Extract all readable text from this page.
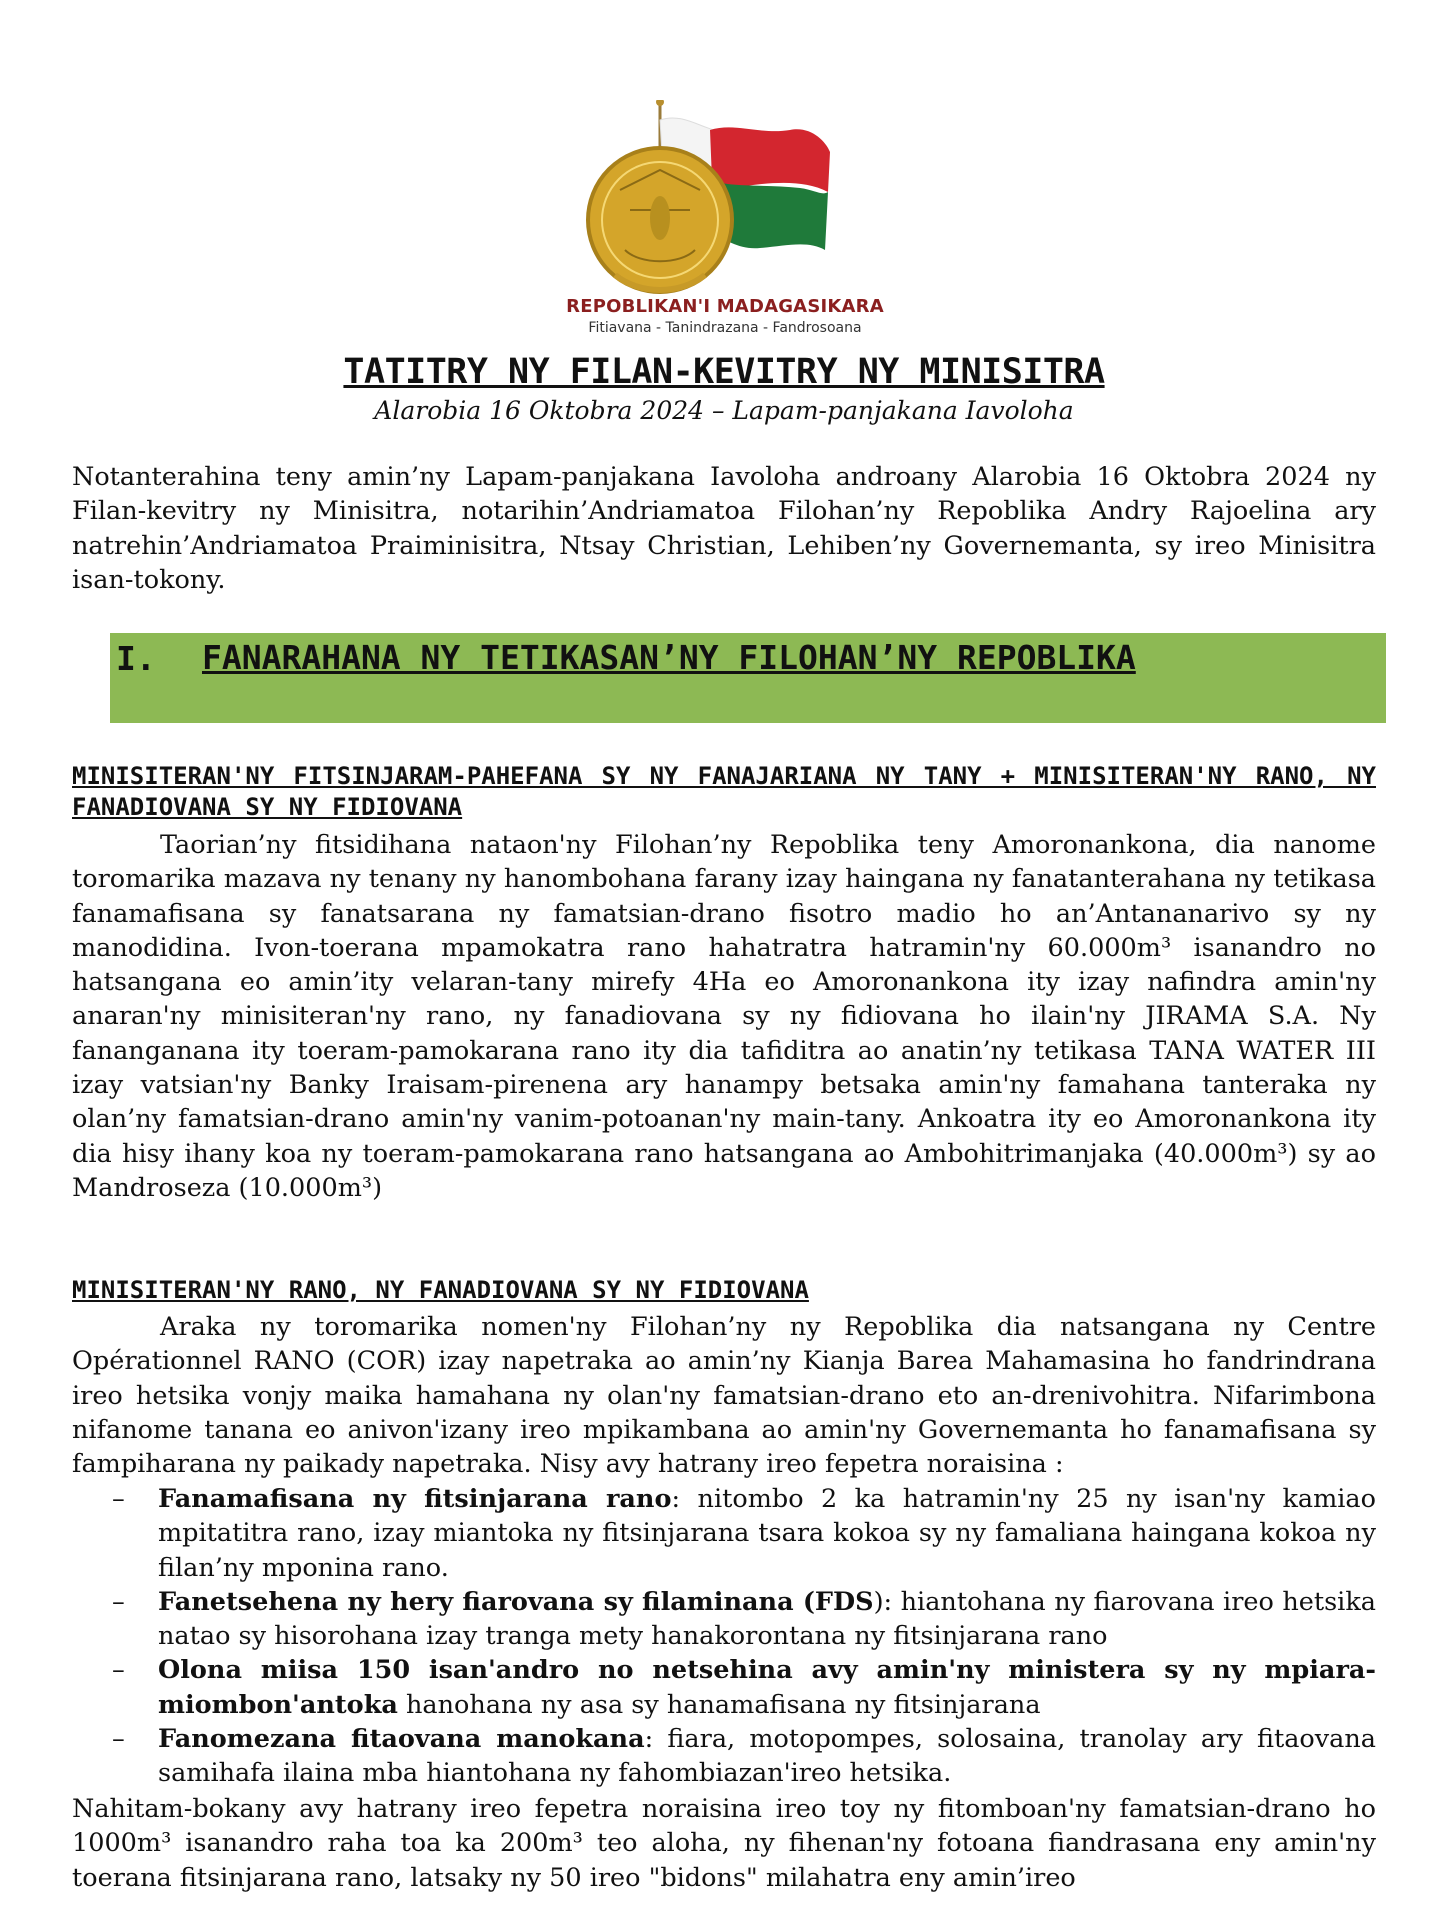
REPOBLIKAN'I MADAGASIKARA
Fitiavana - Tanindrazana - Fandrosoana
TATITRY NY FILAN-KEVITRY NY MINISITRA
Alarobia 16 Oktobra 2024 – Lapam-panjakana Iavoloha
Notanterahina teny amin’ny Lapam-panjakana Iavoloha androany Alarobia 16 Oktobra 2024 ny Filan-kevitry ny Minisitra, notarihin’Andriamatoa Filohan’ny Repoblika Andry Rajoelina ary natrehin’Andriamatoa Praiminisitra, Ntsay Christian, Lehiben’ny Governemanta, sy ireo Minisitra isan-tokony.
I. FANARAHANA NY TETIKASAN’NY FILOHAN’NY REPOBLIKA
MINISITERAN'NY FITSINJARAM-PAHEFANA SY NY FANAJARIANA NY TANY + MINISITERAN'NY RANO, NY FANADIOVANA SY NY FIDIOVANA
Taorian’ny fitsidihana nataon'ny Filohan’ny Repoblika teny Amoronankona, dia nanome toromarika mazava ny tenany ny hanombohana farany izay haingana ny fanatanterahana ny tetikasa fanamafisana sy fanatsarana ny famatsian-drano fisotro madio ho an’Antananarivo sy ny manodidina. Ivon-toerana mpamokatra rano hahatratra hatramin'ny 60.000m³ isanandro no hatsangana eo amin’ity velaran-tany mirefy 4Ha eo Amoronankona ity izay nafindra amin'ny anaran'ny minisiteran'ny rano, ny fanadiovana sy ny fidiovana ho ilain'ny JIRAMA S.A. Ny fananganana ity toeram-pamokarana rano ity dia tafiditra ao anatin’ny tetikasa TANA WATER III izay vatsian'ny Banky Iraisam-pirenena ary hanampy betsaka amin'ny famahana tanteraka ny olan’ny famatsian-drano amin'ny vanim-potoanan'ny main-tany. Ankoatra ity eo Amoronankona ity dia hisy ihany koa ny toeram-pamokarana rano hatsangana ao Ambohitrimanjaka (40.000m³) sy ao Mandroseza (10.000m³)
MINISITERAN'NY RANO, NY FANADIOVANA SY NY FIDIOVANA
Araka ny toromarika nomen'ny Filohan’ny ny Repoblika dia natsangana ny Centre Opérationnel RANO (COR) izay napetraka ao amin’ny Kianja Barea Mahamasina ho fandrindrana ireo hetsika vonjy maika hamahana ny olan'ny famatsian-drano eto an-drenivohitra. Nifarimbona nifanome tanana eo anivon'izany ireo mpikambana ao amin'ny Governemanta ho fanamafisana sy fampiharana ny paikady napetraka. Nisy avy hatrany ireo fepetra noraisina :
– Fanamafisana ny fitsinjarana rano: nitombo 2 ka hatramin'ny 25 ny isan'ny kamiao mpitatitra rano, izay miantoka ny fitsinjarana tsara kokoa sy ny famaliana haingana kokoa ny filan’ny mponina rano.
– Fanetsehena ny hery fiarovana sy filaminana (FDS): hiantohana ny fiarovana ireo hetsika natao sy hisorohana izay tranga mety hanakorontana ny fitsinjarana rano
– Olona miisa 150 isan'andro no netsehina avy amin'ny ministera sy ny mpiara-miombon'antoka hanohana ny asa sy hanamafisana ny fitsinjarana
– Fanomezana fitaovana manokana: fiara, motopompes, solosaina, tranolay ary fitaovana samihafa ilaina mba hiantohana ny fahombiazan'ireo hetsika.
Nahitam-bokany avy hatrany ireo fepetra noraisina ireo toy ny fitomboan'ny famatsian-drano ho 1000m³ isanandro raha toa ka 200m³ teo aloha, ny fihenan'ny fotoana fiandrasana eny amin'ny toerana fitsinjarana rano, latsaky ny 50 ireo "bidons" milahatra eny amin’ireo
